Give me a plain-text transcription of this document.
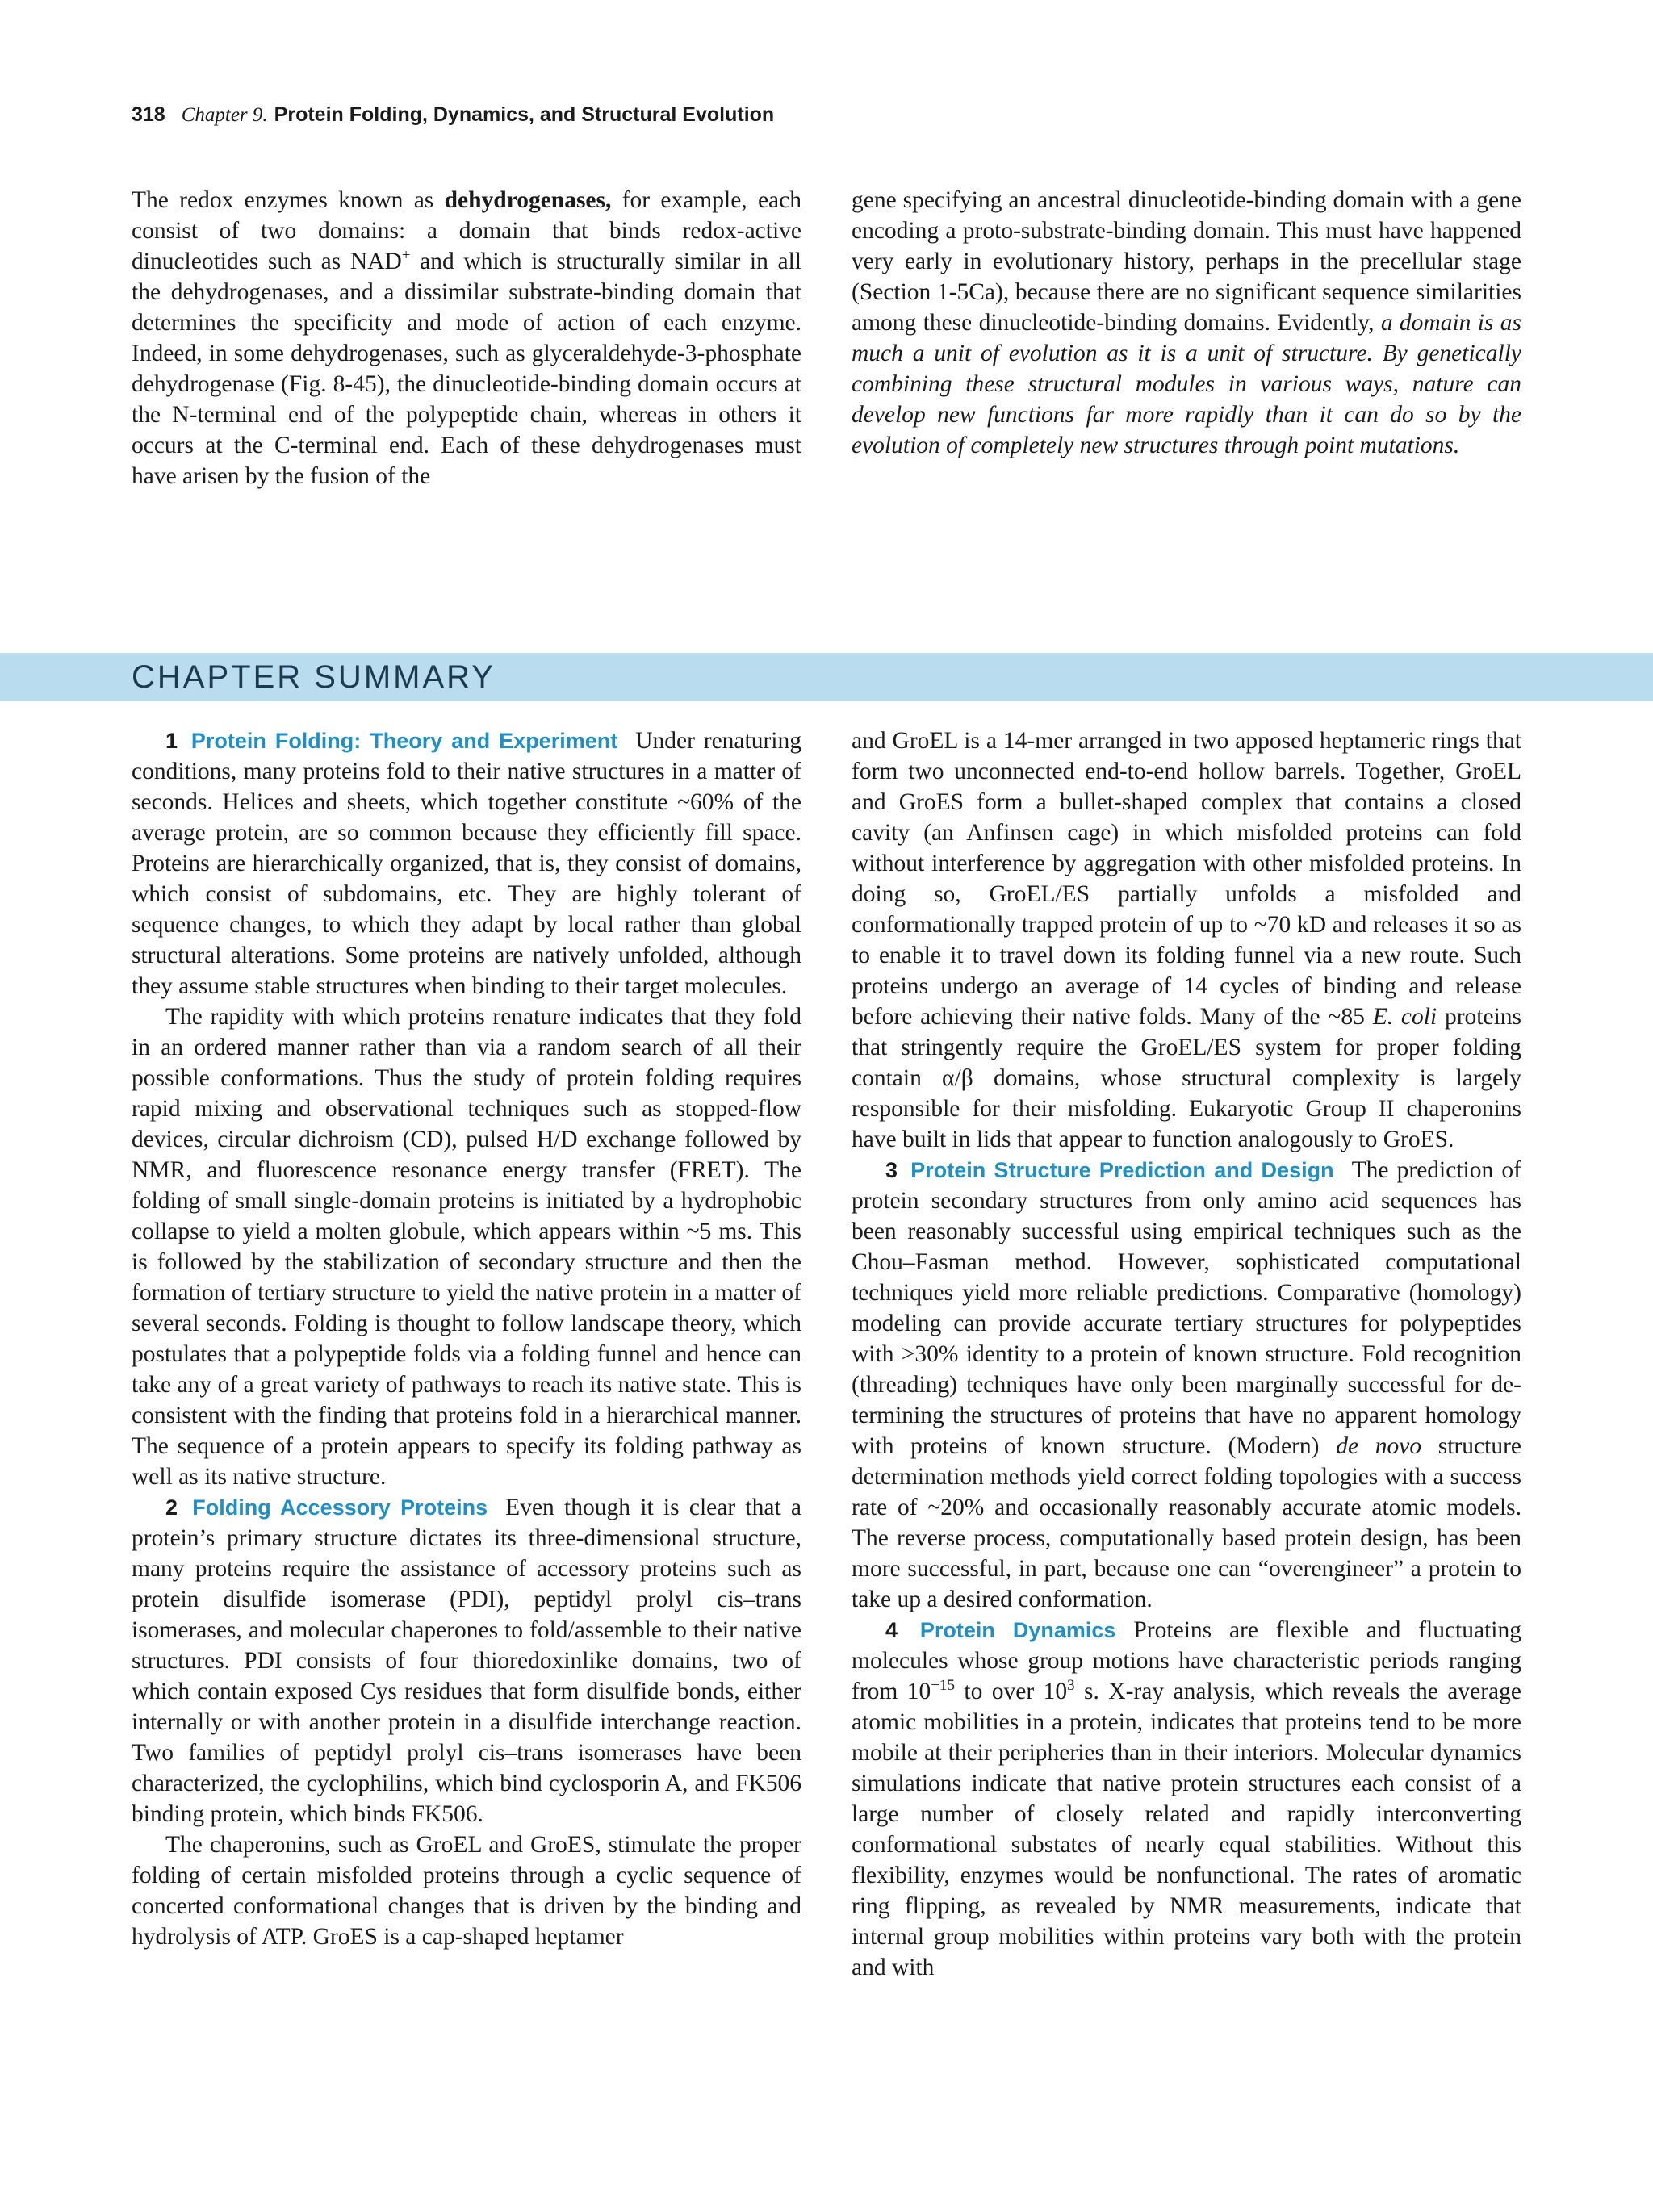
318 Chapter 9. Protein Folding, Dynamics, and Structural Evolution

The redox enzymes known as dehydrogenases, for example, each consist of two domains: a domain that binds redox-active dinucleotides such as NAD+ and which is structurally similar in all the dehydrogenases, and a dissimilar substrate-binding domain that determines the specificity and mode of action of each enzyme. Indeed, in some dehydrogenases, such as glyceraldehyde-3-phosphate dehydrogenase (Fig. 8-45), the dinucleotide-binding domain occurs at the N-terminal end of the polypeptide chain, whereas in others it occurs at the C-terminal end. Each of these dehydrogenases must have arisen by the fusion of the

gene specifying an ancestral dinucleotide-binding domain with a gene encoding a proto-substrate-binding domain. This must have happened very early in evolutionary history, perhaps in the precellular stage (Section 1-5Ca), because there are no significant sequence similarities among these dinucleotide-binding domains. Evidently, a domain is as much a unit of evolution as it is a unit of structure. By genetically combining these structural modules in various ways, nature can develop new functions far more rapidly than it can do so by the evolution of completely new structures through point mutations.

CHAPTER SUMMARY

1 Protein Folding: Theory and Experiment Under renaturing conditions, many proteins fold to their native structures in a matter of seconds. Helices and sheets, which together constitute ~60% of the average protein, are so common because they efficiently fill space. Proteins are hierarchically organized, that is, they consist of domains, which consist of subdomains, etc. They are highly tolerant of sequence changes, to which they adapt by local rather than global structural alterations. Some proteins are natively unfolded, although they assume stable structures when binding to their target molecules.

The rapidity with which proteins renature indicates that they fold in an ordered manner rather than via a random search of all their possible conformations. Thus the study of protein folding requires rapid mixing and observational techniques such as stopped-flow devices, circular dichroism (CD), pulsed H/D exchange followed by NMR, and fluorescence resonance energy transfer (FRET). The folding of small single-domain proteins is initiated by a hydrophobic collapse to yield a molten globule, which appears within ~5 ms. This is followed by the stabilization of secondary structure and then the formation of tertiary structure to yield the native protein in a matter of several seconds. Folding is thought to follow landscape theory, which postulates that a polypeptide folds via a folding funnel and hence can take any of a great variety of pathways to reach its native state. This is consistent with the finding that proteins fold in a hierarchical manner. The sequence of a protein appears to specify its folding pathway as well as its native structure.

2 Folding Accessory Proteins Even though it is clear that a protein’s primary structure dictates its three-dimensional structure, many proteins require the assistance of accessory proteins such as protein disulfide isomerase (PDI), peptidyl prolyl cis–trans isomerases, and molecular chaperones to fold/assemble to their native structures. PDI consists of four thioredoxinlike domains, two of which contain exposed Cys residues that form disulfide bonds, either internally or with another protein in a disulfide interchange reaction. Two families of peptidyl prolyl cis–trans isomerases have been characterized, the cyclophilins, which bind cyclosporin A, and FK506 binding protein, which binds FK506.

The chaperonins, such as GroEL and GroES, stimulate the proper folding of certain misfolded proteins through a cyclic sequence of concerted conformational changes that is driven by the binding and hydrolysis of ATP. GroES is a cap-shaped heptamer

and GroEL is a 14-mer arranged in two apposed heptameric rings that form two unconnected end-to-end hollow barrels. Together, GroEL and GroES form a bullet-shaped complex that contains a closed cavity (an Anfinsen cage) in which misfolded proteins can fold without interference by aggregation with other misfolded proteins. In doing so, GroEL/ES partially unfolds a misfolded and conformationally trapped protein of up to ~70 kD and releases it so as to enable it to travel down its folding funnel via a new route. Such proteins undergo an average of 14 cycles of binding and release before achieving their native folds. Many of the ~85 E. coli proteins that stringently require the GroEL/ES system for proper folding contain α/β domains, whose structural complexity is largely responsible for their misfolding. Eukaryotic Group II chaperonins have built in lids that appear to function analogously to GroES.

3 Protein Structure Prediction and Design The prediction of protein secondary structures from only amino acid sequences has been reasonably successful using empirical techniques such as the Chou–Fasman method. However, sophisticated computational techniques yield more reliable predictions. Comparative (homology) modeling can provide accurate tertiary structures for polypeptides with >30% identity to a protein of known structure. Fold recognition (threading) techniques have only been marginally successful for determining the structures of proteins that have no apparent homology with proteins of known structure. (Modern) de novo structure determination methods yield correct folding topologies with a success rate of ~20% and occasionally reasonably accurate atomic models. The reverse process, computationally based protein design, has been more successful, in part, because one can “overengineer” a protein to take up a desired conformation.

4 Protein Dynamics Proteins are flexible and fluctuating molecules whose group motions have characteristic periods ranging from $10^{-15}$ to over $10^3$ s. X-ray analysis, which reveals the average atomic mobilities in a protein, indicates that proteins tend to be more mobile at their peripheries than in their interiors. Molecular dynamics simulations indicate that native protein structures each consist of a large number of closely related and rapidly interconverting conformational substates of nearly equal stabilities. Without this flexibility, enzymes would be nonfunctional. The rates of aromatic ring flipping, as revealed by NMR measurements, indicate that internal group mobilities within proteins vary both with the protein and with
